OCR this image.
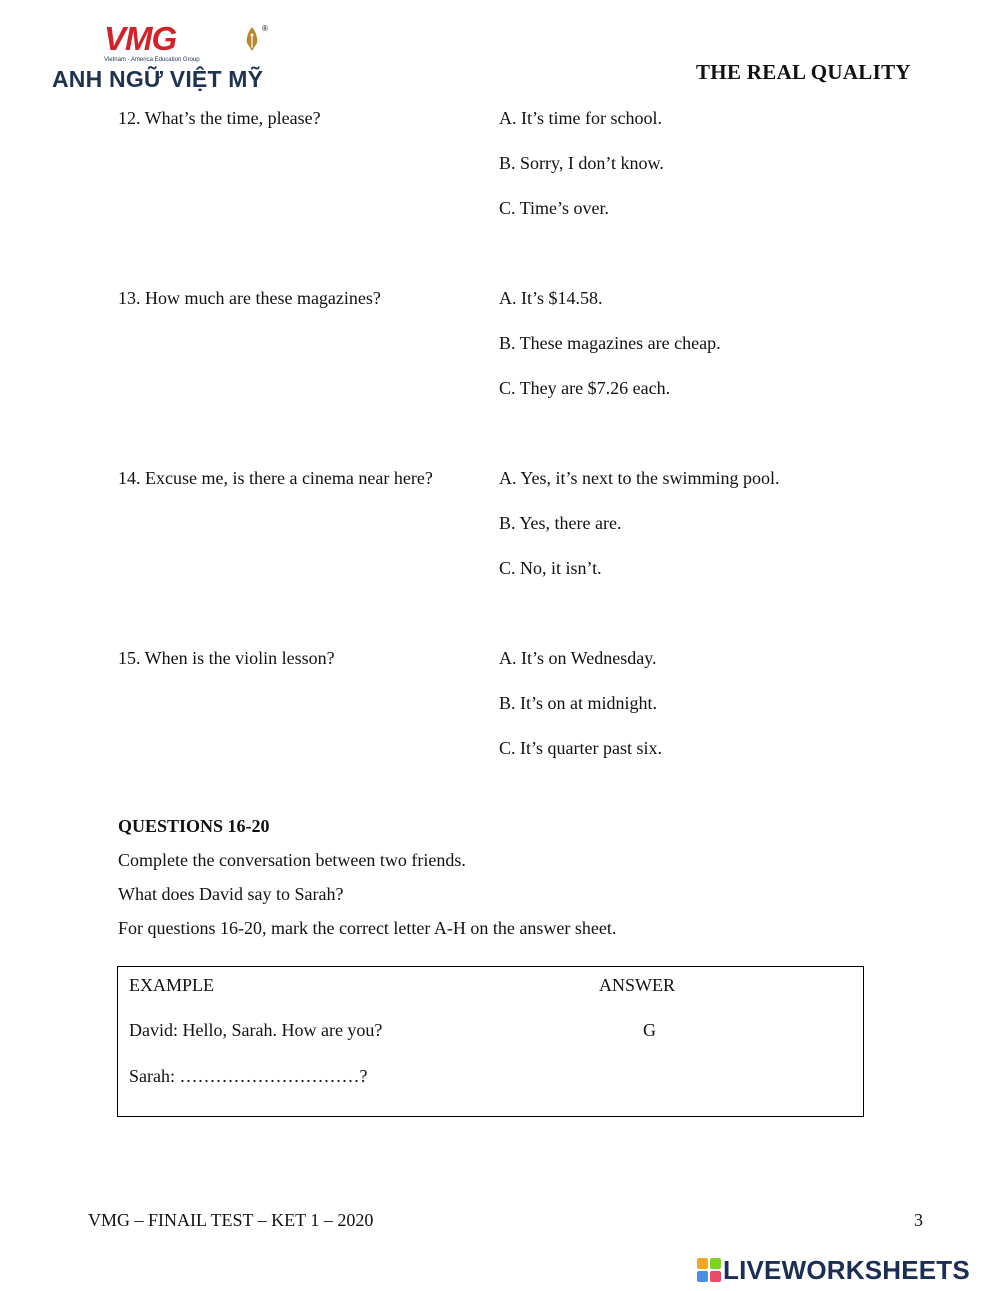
VMG	®
Vietnam - America Education Group
ANH NGỮ VIỆT MỸ	THE REAL QUALITY
12. What’s the time, please?	A. It’s time for school.
B. Sorry, I don’t know.
C. Time’s over.
13. How much are these magazines?	A. It’s $14.58.
B. These magazines are cheap.
C. They are $7.26 each.
14. Excuse me, is there a cinema near here?	A. Yes, it’s next to the swimming pool.
B. Yes, there are.
C. No, it isn’t.
15. When is the violin lesson?	A. It’s on Wednesday.
B. It’s on at midnight.
C. It’s quarter past six.
QUESTIONS 16-20
Complete the conversation between two friends.
What does David say to Sarah?
For questions 16-20, mark the correct letter A-H on the answer sheet.
EXAMPLE	ANSWER
David: Hello, Sarah. How are you?	G
Sarah: …………………………?
VMG – FINAIL TEST – KET 1 – 2020	3
LIVEWORKSHEETS
